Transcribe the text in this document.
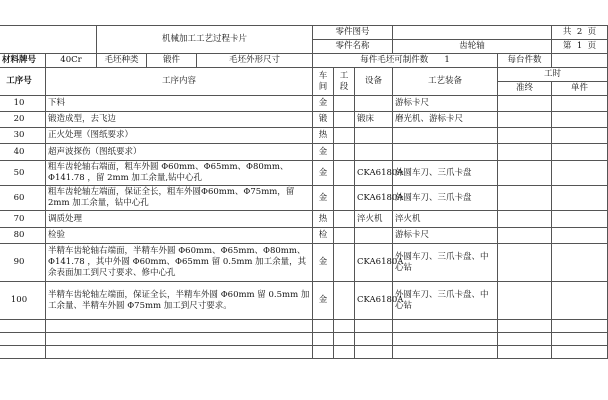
		机械加工工艺过程卡片			零件图号					共 2 页
					零件名称			齿轮轴		第 1 页
材料牌号	40Cr	毛坯种类	锻件	毛坯外形尺寸	每件毛坯可制件数 1				每台件数	
工序号	工序内容				车间	工段	设备	工艺装备	工时	
									准终	单件
10	下料				金			游标卡尺		
20	锻造成型，去飞边				锻		锻床	磨光机、游标卡尺		
30	正火处理（图纸要求）				热					
40	超声波探伤（图纸要求）				金					
50	粗车齿轮轴右端面，粗车外圆 Φ60mm、Φ65mm、Φ80mm、Φ141.78 ，留 2mm 加工余量,钻中心孔				金		CKA6180A	外圆车刀、三爪卡盘		
60	粗车齿轮轴左端面，保证全长，粗车外圆Φ60mm、Φ75mm，留 2mm 加工余量，钻中心孔				金		CKA6180A	外圆车刀、三爪卡盘		
70	调质处理				热		淬火机	淬火机		
80	检验				检			游标卡尺		
90	半精车齿轮轴右端面，半精车外圆 Φ60mm、Φ65mm、Φ80mm、Φ141.78 ，其中外圆 Φ60mm、Φ65mm 留 0.5mm 加工余量，其余表面加工到尺寸要求、修中心孔				金		CKA6180A	外圆车刀、三爪卡盘、中心钻		
100	半精车齿轮轴左端面，保证全长，半精车外圆 Φ60mm 留 0.5mm 加工余量、半精车外圆 Φ75mm 加工到尺寸要求。				金		CKA6180A	外圆车刀、三爪卡盘、中心钻		
